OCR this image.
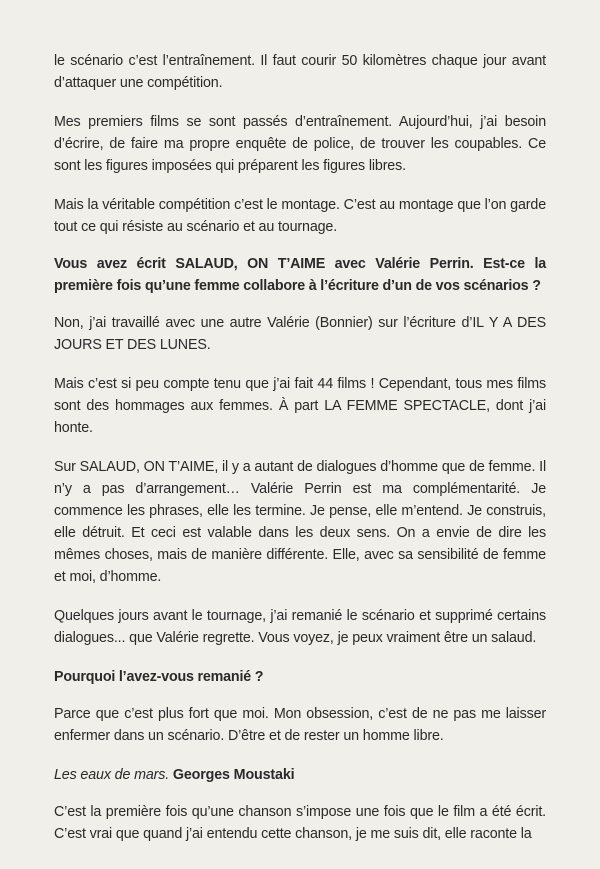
le scénario c’est l’entraînement. Il faut courir 50 kilomètres chaque jour avant d’attaquer une compétition.

Mes premiers films se sont passés d’entraînement. Aujourd’hui, j’ai besoin d’écrire, de faire ma propre enquête de police, de trouver les coupables. Ce sont les figures imposées qui préparent les figures libres.

Mais la véritable compétition c’est le montage. C’est au montage que l’on garde tout ce qui résiste au scénario et au tournage.

Vous avez écrit SALAUD, ON T’AIME avec Valérie Perrin. Est-ce la première fois qu’une femme collabore à l’écriture d’un de vos scénarios ?

Non, j’ai travaillé avec une autre Valérie (Bonnier) sur l’écriture d’IL Y A DES JOURS ET DES LUNES.

Mais c’est si peu compte tenu que j’ai fait 44 films ! Cependant, tous mes films sont des hommages aux femmes. À part LA FEMME SPECTACLE, dont j’ai honte.

Sur SALAUD, ON T’AIME, il y a autant de dialogues d’homme que de femme. Il n’y a pas d’arrangement… Valérie Perrin est ma complémentarité. Je commence les phrases, elle les termine. Je pense, elle m’entend. Je construis, elle détruit. Et ceci est valable dans les deux sens. On a envie de dire les mêmes choses, mais de manière différente. Elle, avec sa sensibilité de femme et moi, d’homme.

Quelques jours avant le tournage, j’ai remanié le scénario et supprimé certains dialogues... que Valérie regrette. Vous voyez, je peux vraiment être un salaud.

Pourquoi l’avez-vous remanié ?

Parce que c’est plus fort que moi. Mon obsession, c’est de ne pas me laisser enfermer dans un scénario. D’être et de rester un homme libre.

Les eaux de mars. Georges Moustaki

C’est la première fois qu’une chanson s’impose une fois que le film a été écrit. C’est vrai que quand j’ai entendu cette chanson, je me suis dit, elle raconte la
